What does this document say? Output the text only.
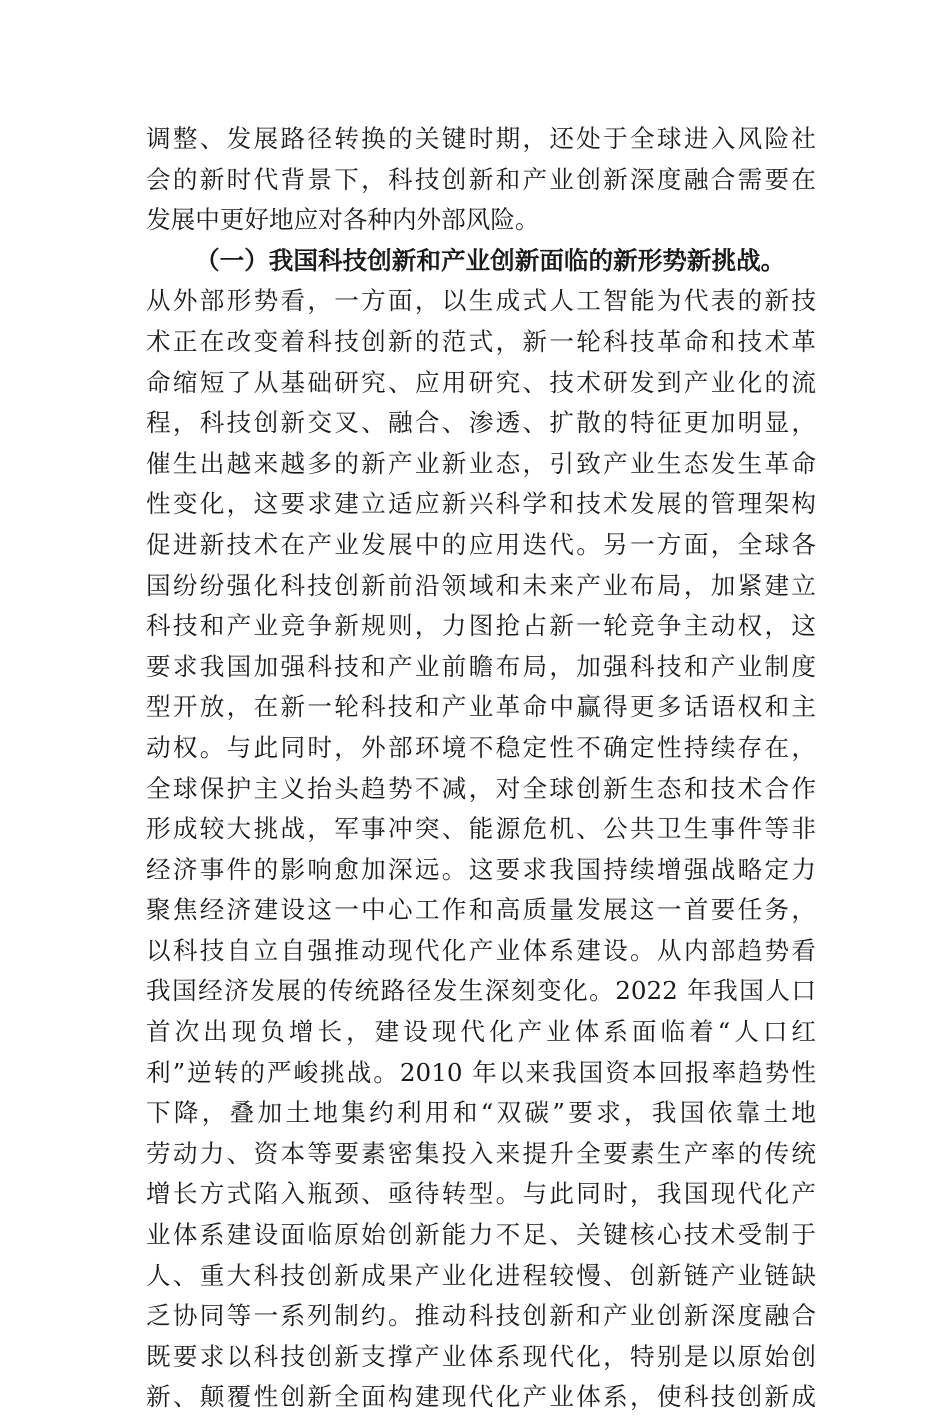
调整、发展路径转换的关键时期，还处于全球进入风险社
会的新时代背景下，科技创新和产业创新深度融合需要在
发展中更好地应对各种内外部风险。
（一）我国科技创新和产业创新面临的新形势新挑战。
从外部形势看，一方面，以生成式人工智能为代表的新技
术正在改变着科技创新的范式，新一轮科技革命和技术革
命缩短了从基础研究、应用研究、技术研发到产业化的流
程，科技创新交叉、融合、渗透、扩散的特征更加明显，
催生出越来越多的新产业新业态，引致产业生态发生革命
性变化，这要求建立适应新兴科学和技术发展的管理架构
促进新技术在产业发展中的应用迭代。另一方面，全球各
国纷纷强化科技创新前沿领域和未来产业布局，加紧建立
科技和产业竞争新规则，力图抢占新一轮竞争主动权，这
要求我国加强科技和产业前瞻布局，加强科技和产业制度
型开放，在新一轮科技和产业革命中赢得更多话语权和主
动权。与此同时，外部环境不稳定性不确定性持续存在，
全球保护主义抬头趋势不减，对全球创新生态和技术合作
形成较大挑战，军事冲突、能源危机、公共卫生事件等非
经济事件的影响愈加深远。这要求我国持续增强战略定力
聚焦经济建设这一中心工作和高质量发展这一首要任务，
以科技自立自强推动现代化产业体系建设。从内部趋势看
我国经济发展的传统路径发生深刻变化。2022 年我国人口
首次出现负增长，建设现代化产业体系面临着“人口红
利”逆转的严峻挑战。2010 年以来我国资本回报率趋势性
下降，叠加土地集约利用和“双碳”要求，我国依靠土地
劳动力、资本等要素密集投入来提升全要素生产率的传统
增长方式陷入瓶颈、亟待转型。与此同时，我国现代化产
业体系建设面临原始创新能力不足、关键核心技术受制于
人、重大科技创新成果产业化进程较慢、创新链产业链缺
乏协同等一系列制约。推动科技创新和产业创新深度融合
既要求以科技创新支撑产业体系现代化，特别是以原始创
新、颠覆性创新全面构建现代化产业体系，使科技创新成
